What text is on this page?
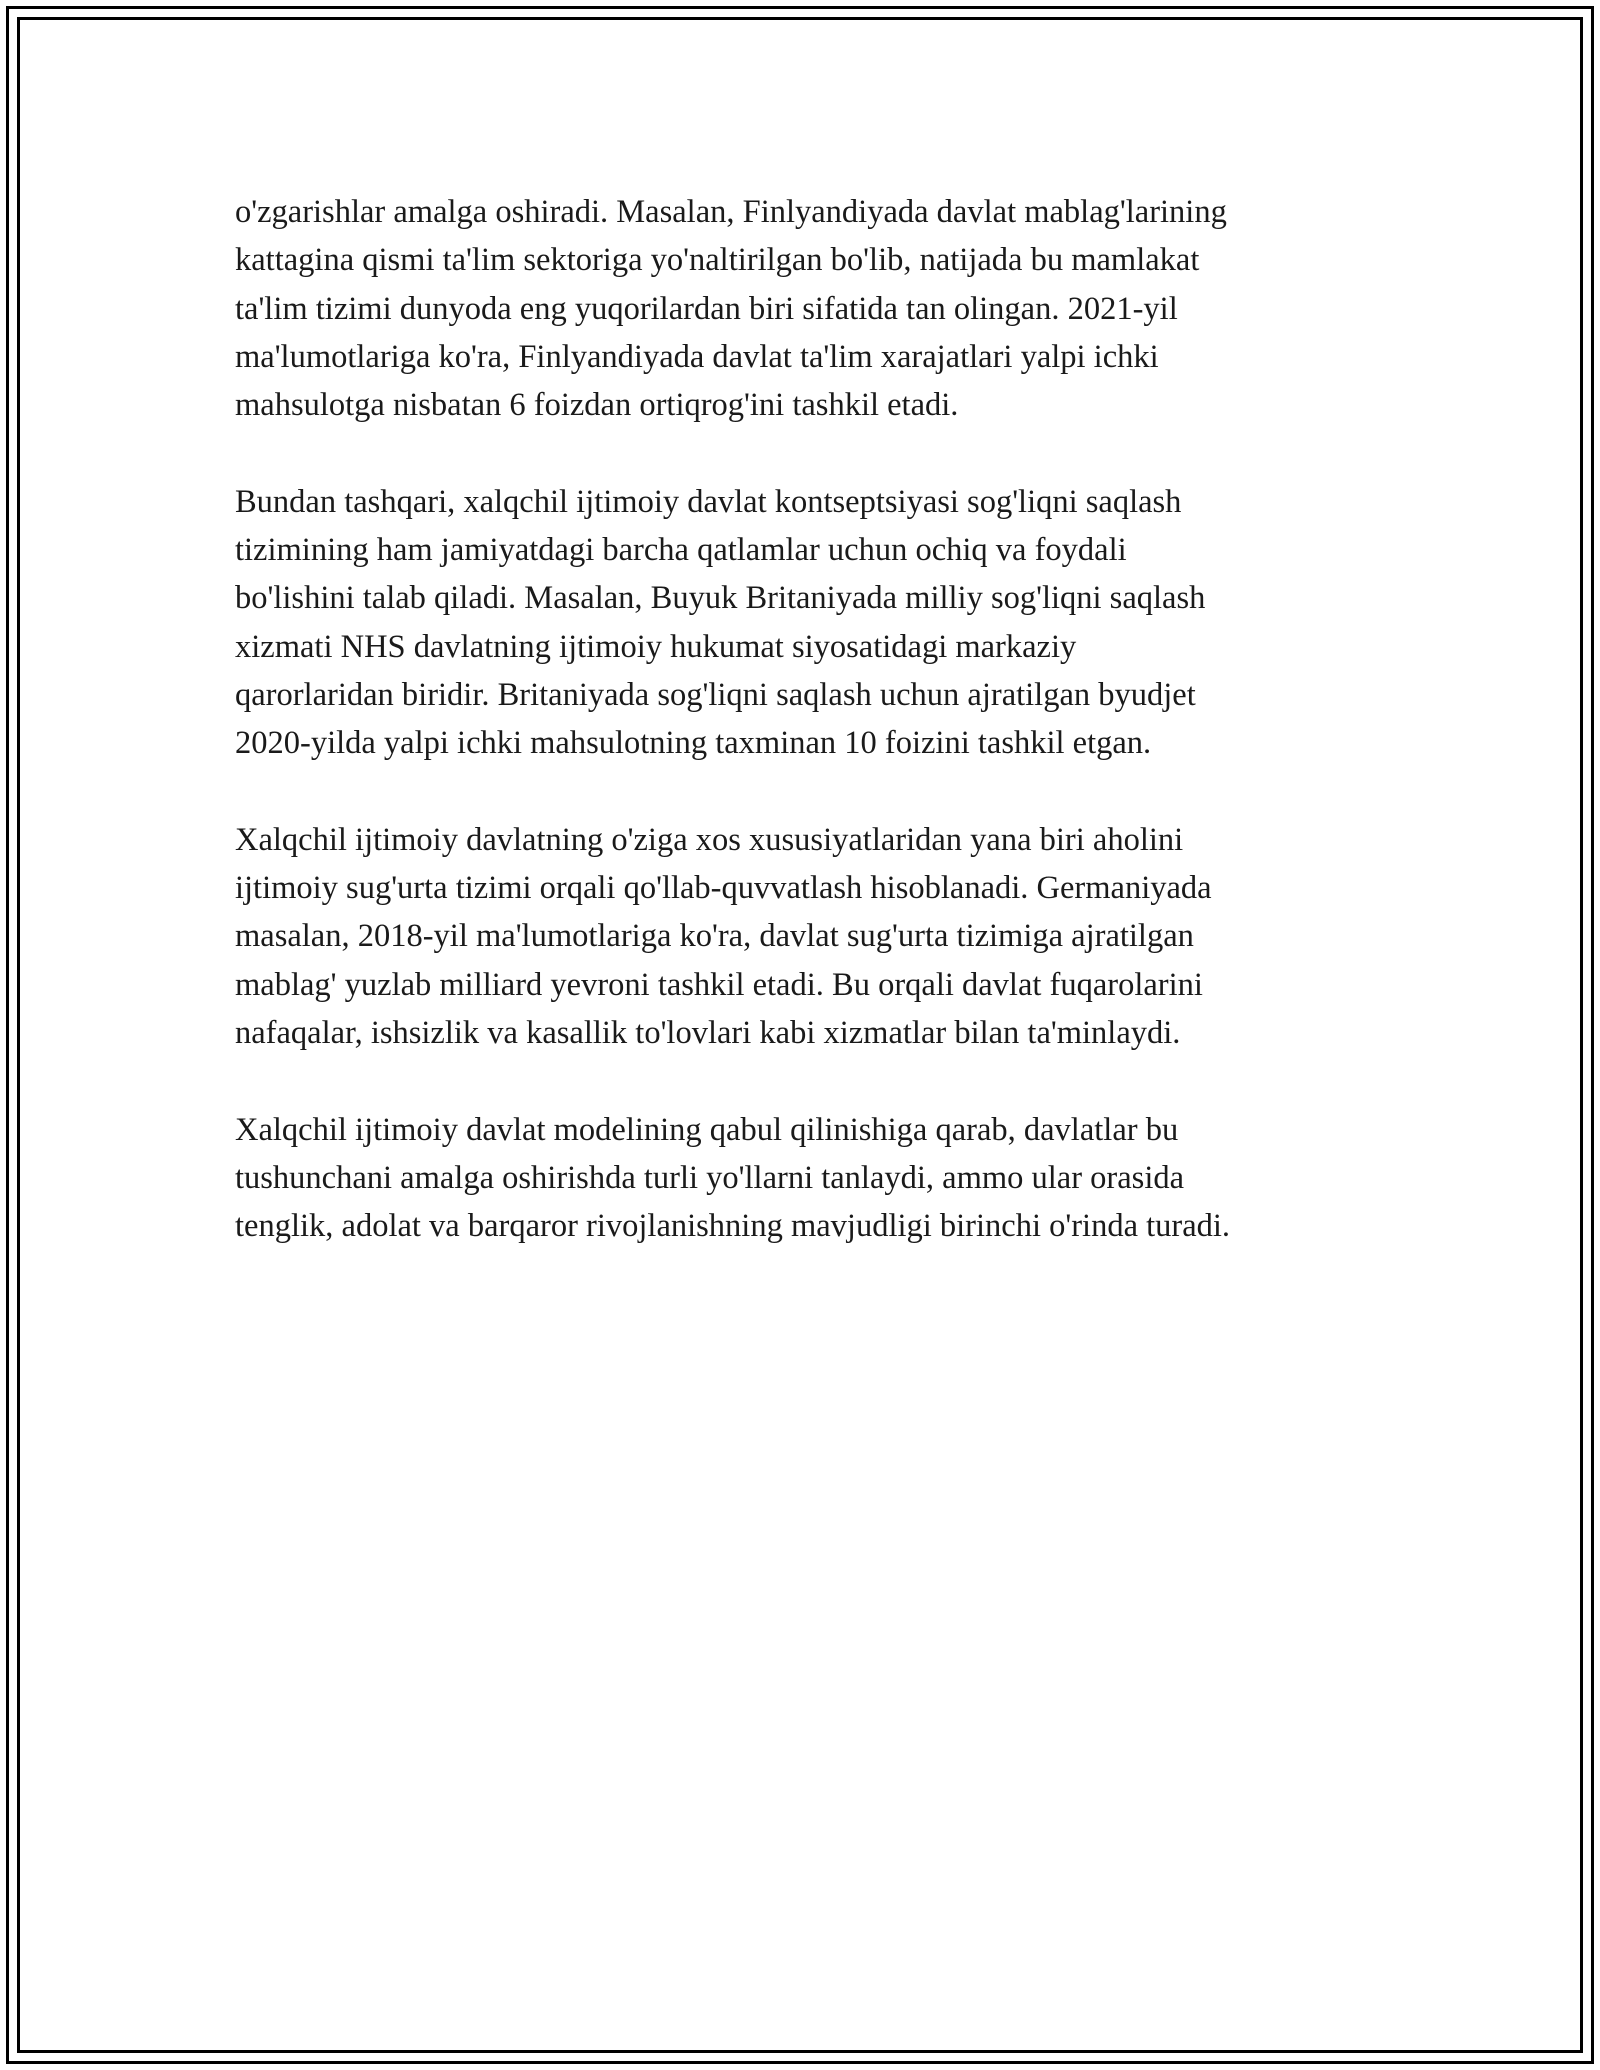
o'zgarishlar amalga oshiradi. Masalan, Finlyandiyada davlat mablag'larining
kattagina qismi ta'lim sektoriga yo'naltirilgan bo'lib, natijada bu mamlakat
ta'lim tizimi dunyoda eng yuqorilardan biri sifatida tan olingan. 2021-yil
ma'lumotlariga ko'ra, Finlyandiyada davlat ta'lim xarajatlari yalpi ichki
mahsulotga nisbatan 6 foizdan ortiqrog'ini tashkil etadi.

Bundan tashqari, xalqchil ijtimoiy davlat kontseptsiyasi sog'liqni saqlash
tizimining ham jamiyatdagi barcha qatlamlar uchun ochiq va foydali
bo'lishini talab qiladi. Masalan, Buyuk Britaniyada milliy sog'liqni saqlash
xizmati NHS davlatning ijtimoiy hukumat siyosatidagi markaziy
qarorlaridan biridir. Britaniyada sog'liqni saqlash uchun ajratilgan byudjet
2020-yilda yalpi ichki mahsulotning taxminan 10 foizini tashkil etgan.

Xalqchil ijtimoiy davlatning o'ziga xos xususiyatlaridan yana biri aholini
ijtimoiy sug'urta tizimi orqali qo'llab-quvvatlash hisoblanadi. Germaniyada
masalan, 2018-yil ma'lumotlariga ko'ra, davlat sug'urta tizimiga ajratilgan
mablag' yuzlab milliard yevroni tashkil etadi. Bu orqali davlat fuqarolarini
nafaqalar, ishsizlik va kasallik to'lovlari kabi xizmatlar bilan ta'minlaydi.

Xalqchil ijtimoiy davlat modelining qabul qilinishiga qarab, davlatlar bu
tushunchani amalga oshirishda turli yo'llarni tanlaydi, ammo ular orasida
tenglik, adolat va barqaror rivojlanishning mavjudligi birinchi o'rinda turadi.
